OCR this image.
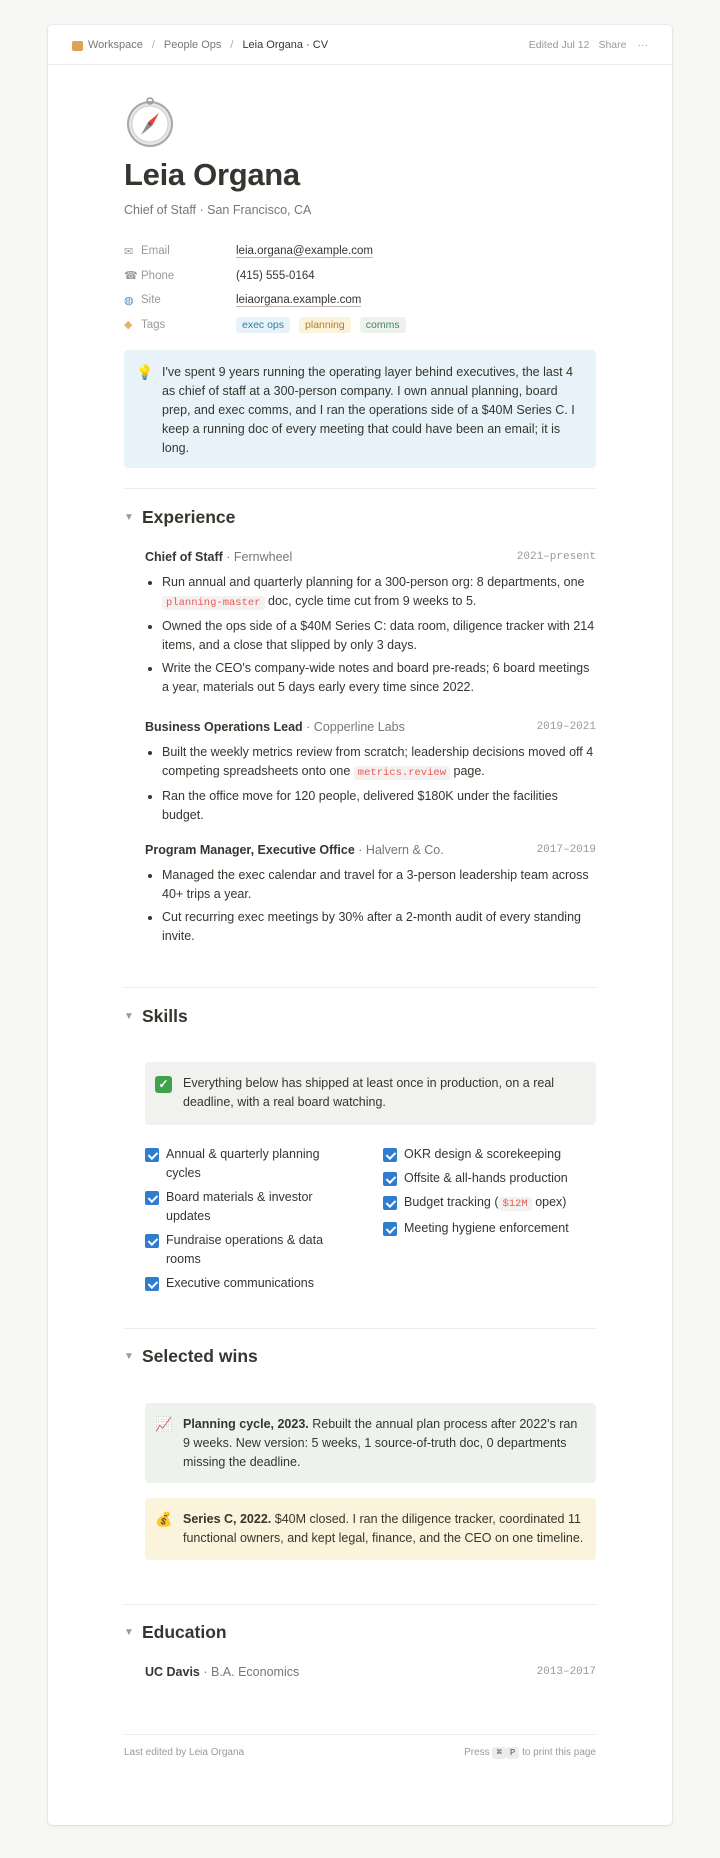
Workspace / People Ops / Leia Organa · CV	Edited Jul 12 Share ···
Leia Organa
Chief of Staff · San Francisco, CA
✉ Email	leia.organa@example.com
☎ Phone	(415) 555-0164
◍ Site	leiaorgana.example.com
◆ Tags	exec ops planning comms
💡 I've spent 9 years running the operating layer behind executives, the last 4 as chief of staff at a 300-person company. I own annual planning, board prep, and exec comms, and I ran the operations side of a $40M Series C. I keep a running doc of every meeting that could have been an email; it is long.
▼ Experience
Chief of Staff · Fernwheel	2021–present
• Run annual and quarterly planning for a 300-person org: 8 departments, one planning-master doc, cycle time cut from 9 weeks to 5.
• Owned the ops side of a $40M Series C: data room, diligence tracker with 214 items, and a close that slipped by only 3 days.
• Write the CEO's company-wide notes and board pre-reads; 6 board meetings a year, materials out 5 days early every time since 2022.
Business Operations Lead · Copperline Labs	2019–2021
• Built the weekly metrics review from scratch; leadership decisions moved off 4 competing spreadsheets onto one metrics.review page.
• Ran the office move for 120 people, delivered $180K under the facilities budget.
Program Manager, Executive Office · Halvern & Co.	2017–2019
• Managed the exec calendar and travel for a 3-person leadership team across 40+ trips a year.
• Cut recurring exec meetings by 30% after a 2-month audit of every standing invite.
▼ Skills
✓	Everything below has shipped at least once in production, on a real deadline, with a real board watching.
Annual & quarterly planning cycles
Board materials & investor updates
Fundraise operations & data rooms
Executive communications
OKR design & scorekeeping
Offsite & all-hands production
Budget tracking ( $12M opex)
Meeting hygiene enforcement
▼ Selected wins
📈 Planning cycle, 2023. Rebuilt the annual plan process after 2022's ran 9 weeks. New version: 5 weeks, 1 source-of-truth doc, 0 departments missing the deadline.
💰 Series C, 2022. $40M closed. I ran the diligence tracker, coordinated 11 functional owners, and kept legal, finance, and the CEO on one timeline.
▼ Education
UC Davis · B.A. Economics	2013–2017
Last edited by Leia Organa	Press ⌘ P to print this page
